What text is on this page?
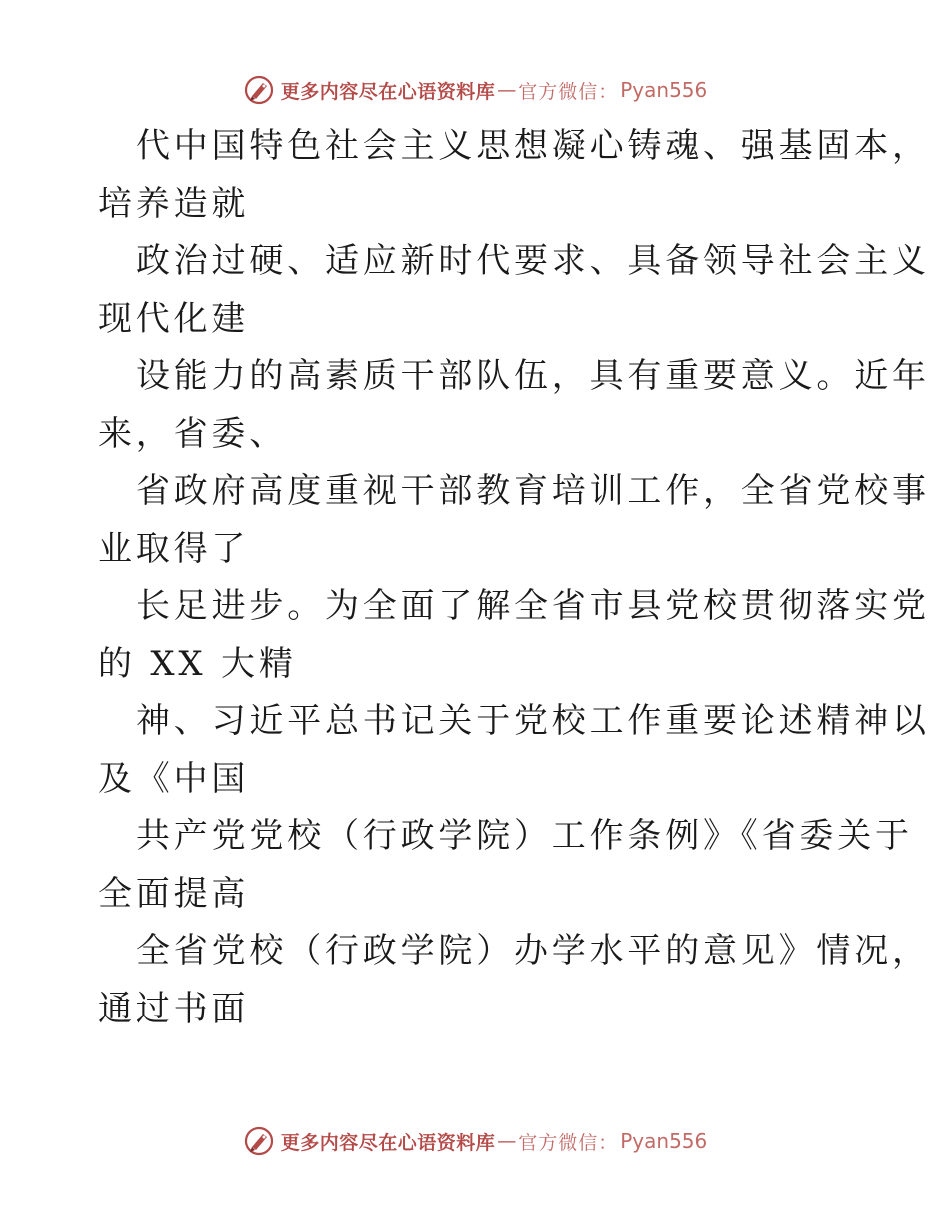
更多内容尽在心语资料库 — 官方微信： Pyan556
代中国特色社会主义思想凝心铸魂、强基固本，
培养造就
政治过硬、适应新时代要求、具备领导社会主义
现代化建
设能力的高素质干部队伍，具有重要意义。近年
来，省委、
省政府高度重视干部教育培训工作，全省党校事
业取得了
长足进步。为全面了解全省市县党校贯彻落实党
的 XX 大精
神、习近平总书记关于党校工作重要论述精神以
及《中国
共产党党校（行政学院）工作条例》《省委关于
全面提高
全省党校（行政学院）办学水平的意见》情况，
通过书面
更多内容尽在心语资料库 — 官方微信： Pyan556
